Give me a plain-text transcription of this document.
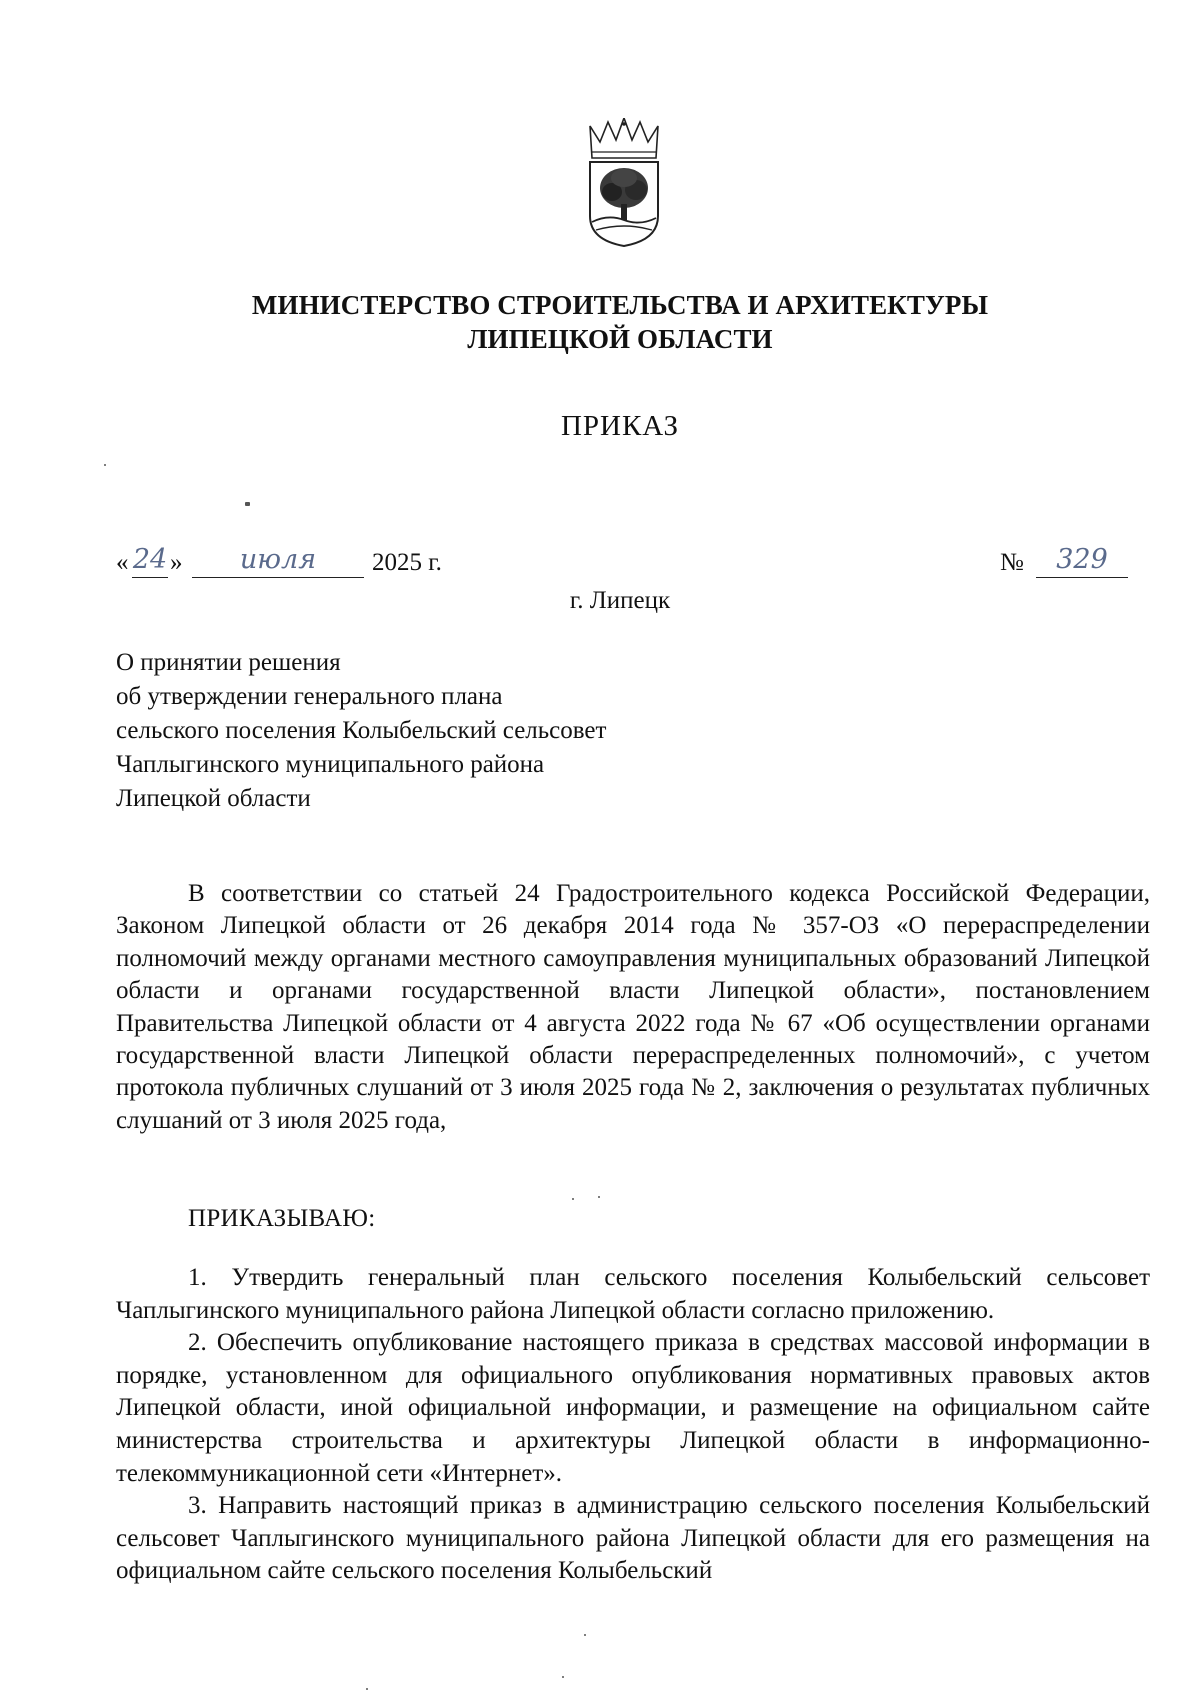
МИНИСТЕРСТВО СТРОИТЕЛЬСТВА И АРХИТЕКТУРЫ
ЛИПЕЦКОЙ ОБЛАСТИ
ПРИКАЗ
« 24 »	июля	2025 г.	№	329
г. Липецк
О принятии решения
об утверждении генерального плана
сельского поселения Колыбельский сельсовет
Чаплыгинского муниципального района
Липецкой области

В соответствии со статьей 24 Градостроительного кодекса Российской Федерации, Законом Липецкой области от 26 декабря 2014 года № 357-ОЗ «О перераспределении полномочий между органами местного самоуправления муниципальных образований Липецкой области и органами государственной власти Липецкой области», постановлением Правительства Липецкой области от 4 августа 2022 года № 67 «Об осуществлении органами государственной власти Липецкой области перераспределенных полномочий», с учетом протокола публичных слушаний от 3 июля 2025 года № 2, заключения о результатах публичных слушаний от 3 июля 2025 года,

ПРИКАЗЫВАЮ:

1. Утвердить генеральный план сельского поселения Колыбельский сельсовет Чаплыгинского муниципального района Липецкой области согласно приложению.

2. Обеспечить опубликование настоящего приказа в средствах массовой информации в порядке, установленном для официального опубликования нормативных правовых актов Липецкой области, иной официальной информации, и размещение на официальном сайте министерства строительства и архитектуры Липецкой области в информационно-телекоммуникационной сети «Интернет».

3. Направить настоящий приказ в администрацию сельского поселения Колыбельский сельсовет Чаплыгинского муниципального района Липецкой области для его размещения на официальном сайте сельского поселения Колыбельский
